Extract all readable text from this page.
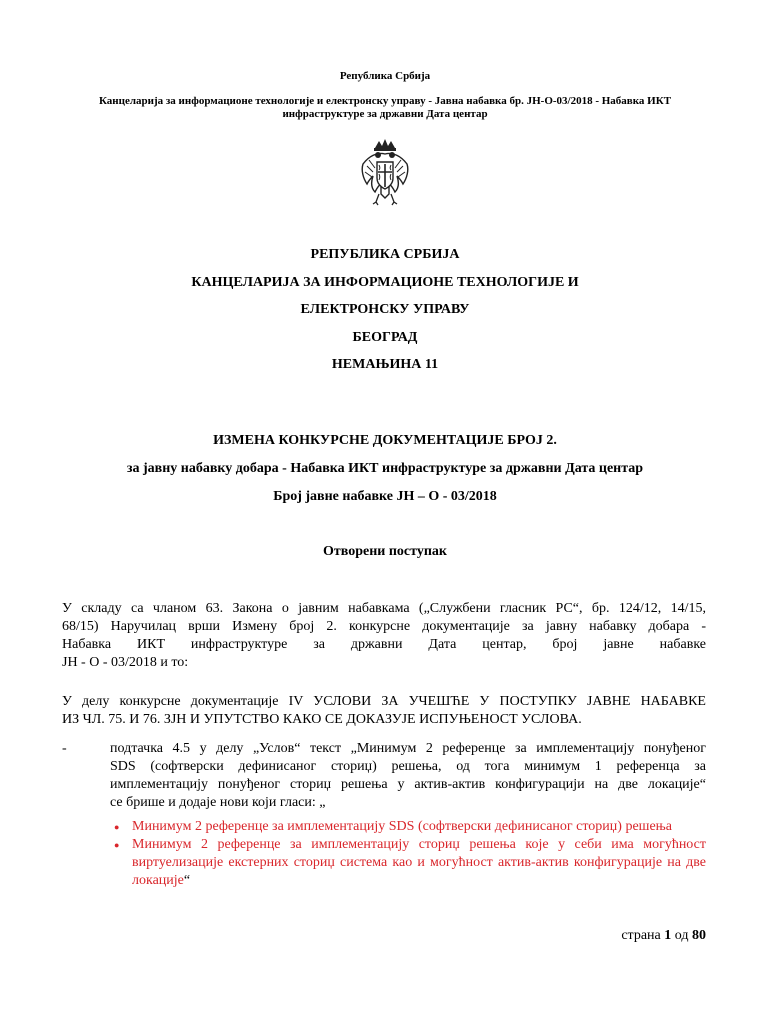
Република Србија
Канцеларија за информационе технологије и електронску управу - Јавна набавка бр. ЈН-О-03/2018 - Набавка ИКТ инфраструктуре за државни Дата центар
РЕПУБЛИКА СРБИЈА
КАНЦЕЛАРИЈА ЗА ИНФОРМАЦИОНЕ ТЕХНОЛОГИЈЕ И
ЕЛЕКТРОНСКУ УПРАВУ
БЕОГРАД
НЕМАЊИНА 11
ИЗМЕНА КОНКУРСНЕ ДОКУМЕНТАЦИЈЕ БРОЈ 2.
за јавну набавку добара - Набавка ИКТ инфраструктуре за државни Дата центар
Број јавне набавке ЈН – О - 03/2018
Отворени поступак
У складу са чланом 63. Закона о јавним набавкама („Службени гласник РС“, бр. 124/12, 14/15,
68/15) Наручилац врши Измену број 2. конкурсне документације за јавну набавку добара -
Набавка ИКТ инфраструктуре за државни Дата центар, број јавне набавке
ЈН - О - 03/2018 и то:
У делу конкурсне документације IV УСЛОВИ ЗА УЧЕШЋЕ У ПОСТУПКУ ЈАВНЕ НАБАВКЕ
ИЗ ЧЛ. 75. И 76. ЗЈН И УПУТСТВО КАКО СЕ ДОКАЗУЈЕ ИСПУЊЕНОСТ УСЛОВА.
-	подтачка 4.5 у делу „Услов“ текст „Минимум 2 референце за имплементацију понуђеног
SDS (софтверски дефинисаног сториџ) решења, од тога минимум 1 референца за
имплементацију понуђеног сториџ решења у актив-актив конфигурацији на две локације“
се брише и додаје нови који гласи: „
● Минимум 2 референце за имплементацију SDS (софтверски дефинисаног сториџ) решења
● Минимум 2 референце за имплементацију сториџ решења које у себи има могућност виртуелизације екстерних сториџ система као и могућност актив-актив конфигурације на две локације“
страна 1 од 80
